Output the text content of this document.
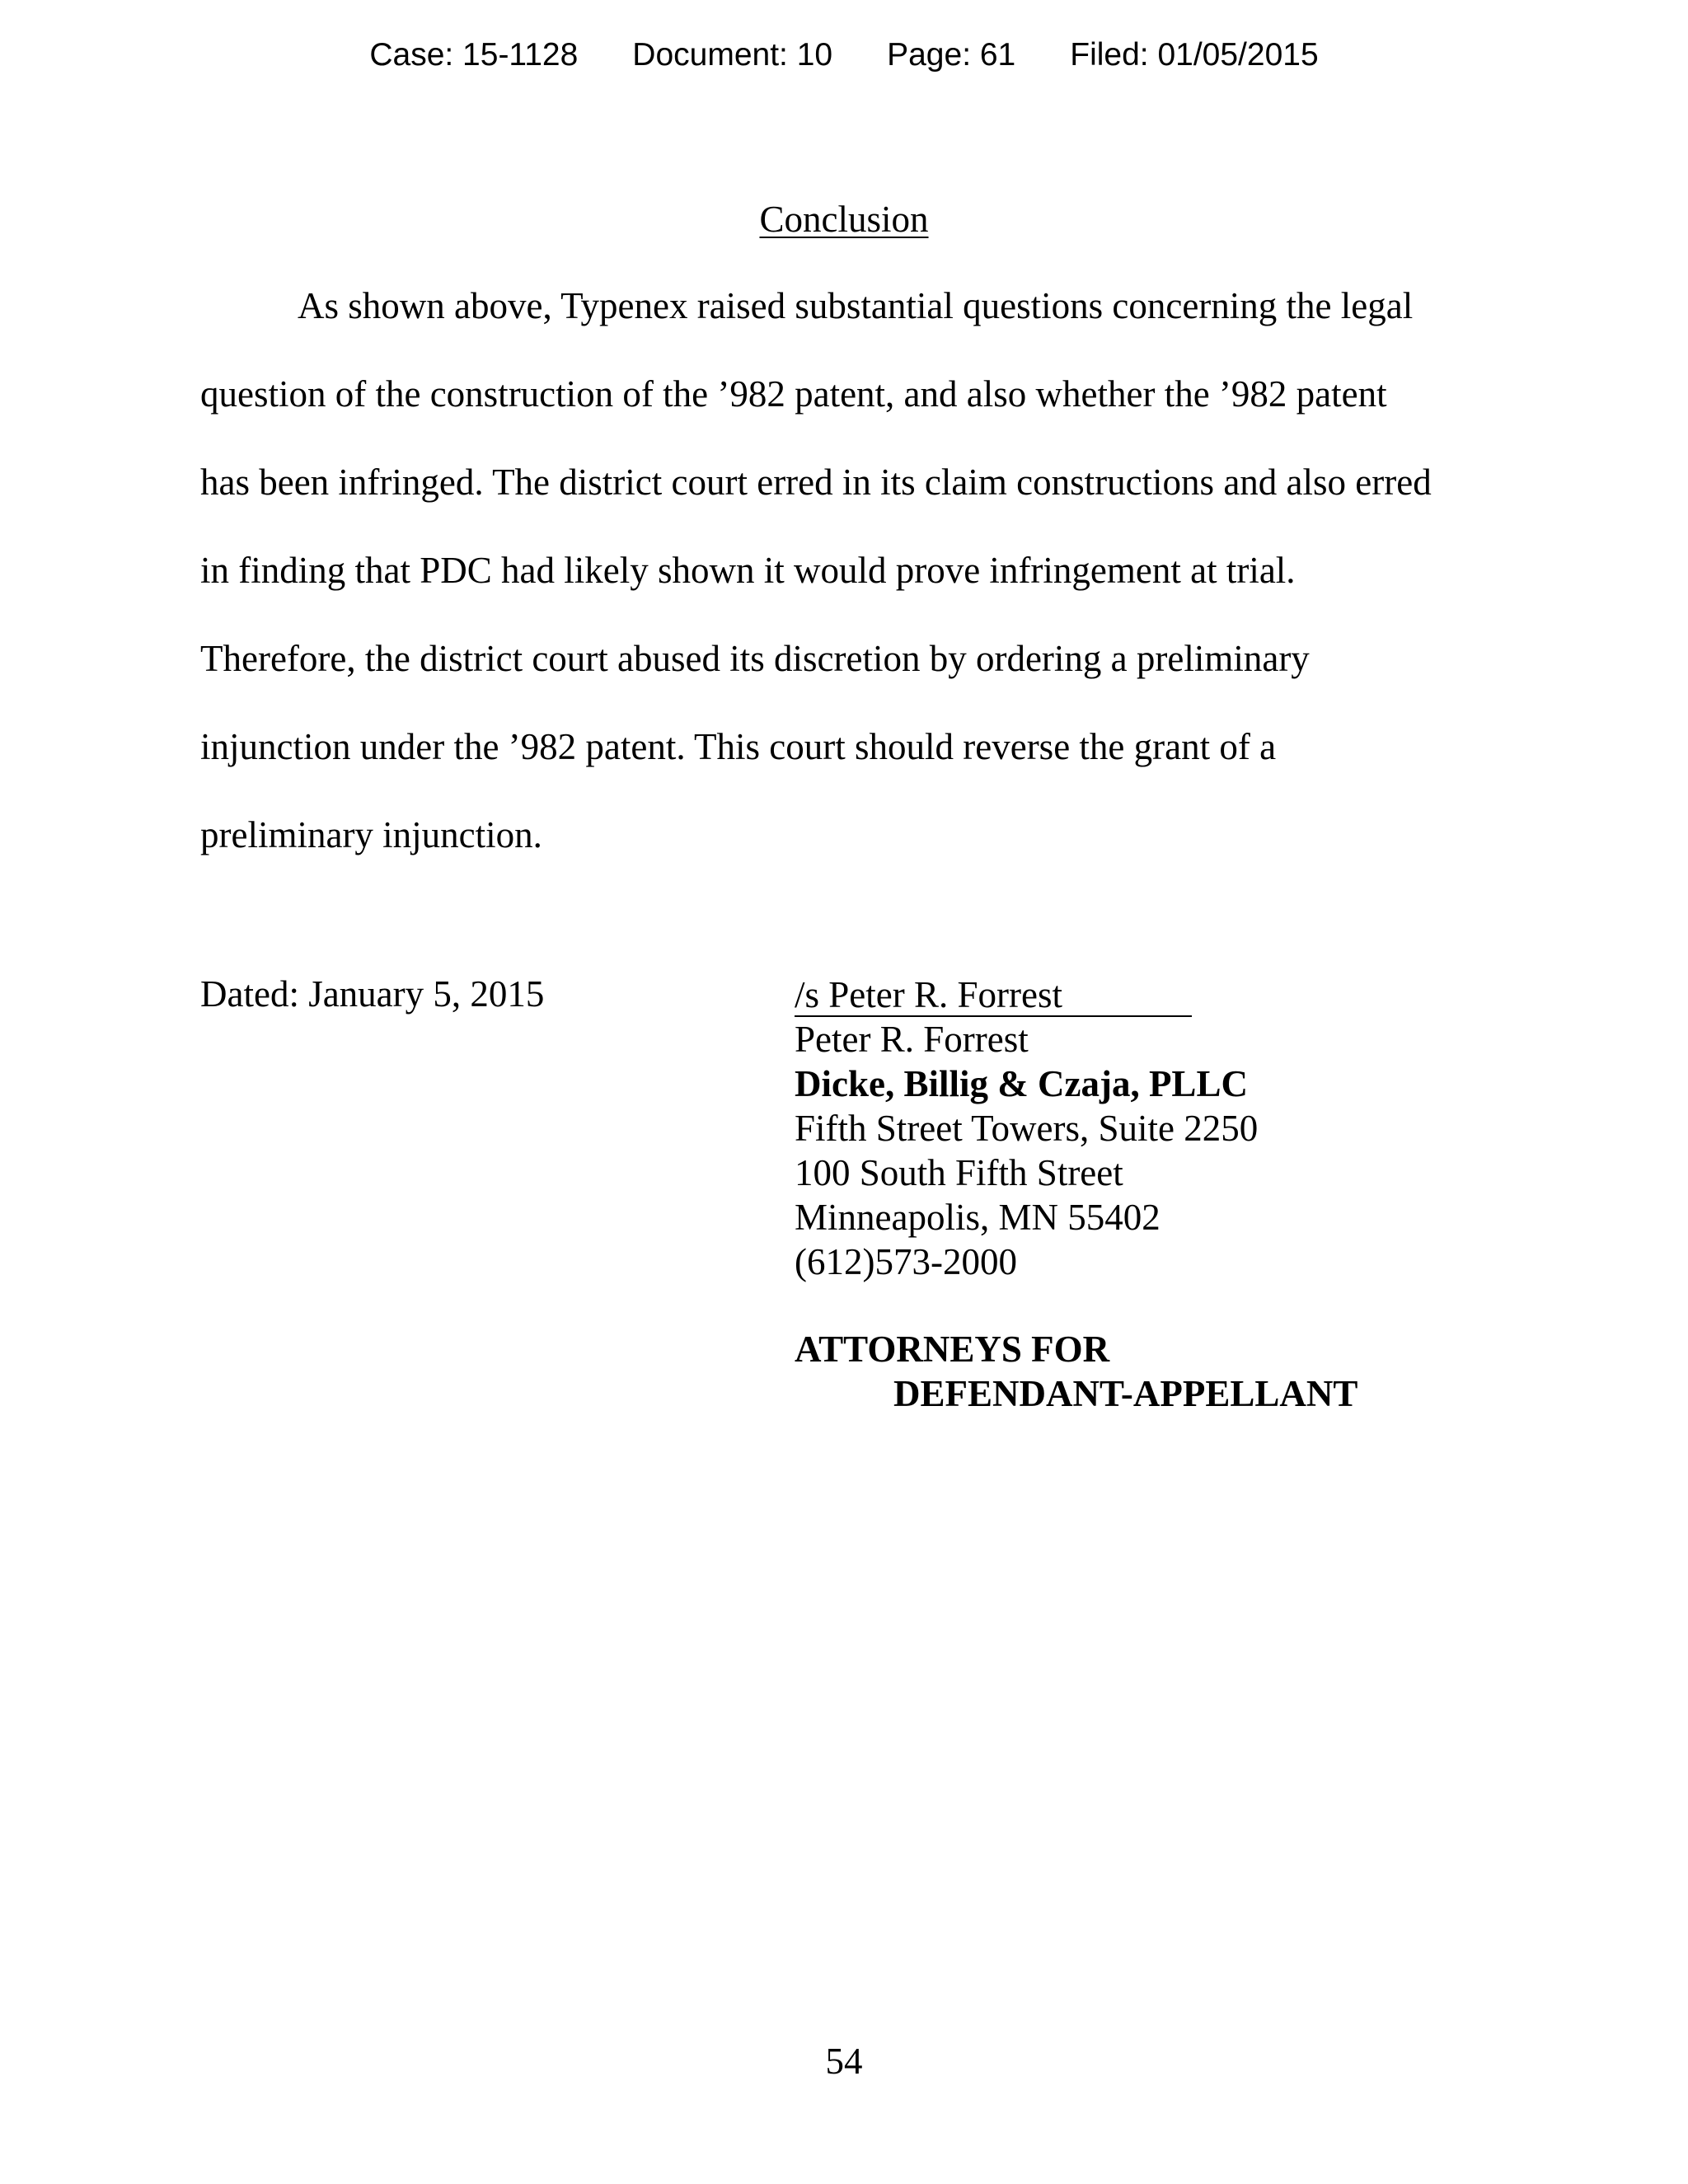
Case: 15-1128 Document: 10 Page: 61 Filed: 01/05/2015
Conclusion
As shown above, Typenex raised substantial questions concerning the legal
question of the construction of the ’982 patent, and also whether the ’982 patent
has been infringed. The district court erred in its claim constructions and also erred
in finding that PDC had likely shown it would prove infringement at trial.
Therefore, the district court abused its discretion by ordering a preliminary
injunction under the ’982 patent. This court should reverse the grant of a
preliminary injunction.
Dated: January 5, 2015	/s Peter R. Forrest
Peter R. Forrest
Dicke, Billig & Czaja, PLLC
Fifth Street Towers, Suite 2250
100 South Fifth Street
Minneapolis, MN 55402
(612)573-2000
ATTORNEYS FOR
DEFENDANT-APPELLANT
54
